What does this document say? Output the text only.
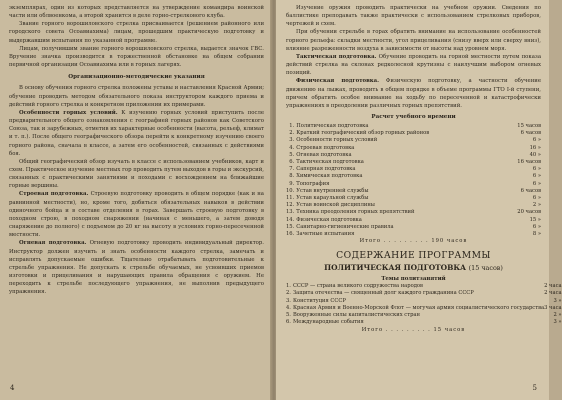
экземплярах, один из которых представляется на утверждение командира воинской части или облвоенкома, а второй хранится в деле горно-стрелкового клуба.

Звание горного ворошиловского стрелка присваивается (решением районного или городского совета Осоавиахима) лицам, прошедшим практическую подготовку и выдержавшим испытания по указанной программе.

Лицам, получившим звание горного ворошиловского стрелка, выдается значок ГВС. Вручение значка производится в торжественной обстановке на общем собрании первичной организации Осоавиахима или в горных лагерях.

Организационно-методические указания

В основу обучения горного стрелка положены уставы и наставления Красной Армии; обучение проводить методом обязательного показа инструктором каждого приема и действий горного стрелка и конкретном приложении их примерами.

Особенности горных условий. К изучению горных условий приступить после предварительного общего ознакомления с географией горных районов как Советского Союза, так и зарубежных, отметив их характерные особенности (высота, рельеф, климат и т. п.). После общего географического обзора перейти к конкретному изучению своего горного района, сначала в классе, а затем его особенностей, связанных с действиями боя.

Общий географический обзор изучать в классе с использованием учебников, карт и схем. Практическое изучение местных гор проводить путем выходов в горы и экскурсий, связанных с практическими занятиями и походами с восхождением на ближайшие горные вершины.

Строевая подготовка. Строевую подготовку проводить в общем порядке (как и на равнинной местности), но, кроме того, добиться обязательных навыков в действии одиночного бойца и в составе отделения в горах. Завершать строевую подготовку в походном строю, в походном снаряжении (начиная с меньшего, а затем доводя снаряжение до полного) с подъемом до 20 кг на высоту в условиях горно-пересеченной местности.

Огневая подготовка. Огневую подготовку проводить индивидуальный директор. Инструктор должен изучить и знать особенности каждого стрелка, замечать и исправлять допускаемые ошибки. Тщательно отрабатывать подготовительные к стрельбе упражнения. Не допускать к стрельбе обучаемых, не усвоивших приемов изготовки и прицеливания и нарушающих правила обращения с оружием. Не переходить к стрельбе последующего упражнения, не выполнив предыдущего упражнения.

4

Изучение оружия проводить практически на учебном оружии. Сведения по баллистике преподавать также практически с использованием стрелковых приборов, чертежей и схем.

При обучении стрельбе в горах обратить внимание на использование особенностей горного рельефа: складки местности, угол прицеливания (снизу вверх или сверху вниз), влияние разреженности воздуха в зависимости от высоты над уровнем моря.

Тактическая подготовка. Обучение проводить на горной местности путем показа действий стрелка на склонах редколесной крутизны с наилучшим выбором огневых позиций.

Физическая подготовка. Физическую подготовку, а частности обучение движению на лыжах, проводить в общем порядке в объеме программы ГТО I-й ступени, причем обратить особое внимание на ходьбу по пересеченной и катастрофически упражнениях в преодолении различных горных препятствий.

Расчет учебного времени
1.	Политическая подготовка	15 часов
2.	Краткий географический обзор горных районов	6 часов
3.	Особенности горных условий	6 »
4.	Строевая подготовка	16 »
5.	Огневая подготовка	40 »
6.	Тактическая подготовка	16 часов
7.	Саперная подготовка	6 »
8.	Химическая подготовка	6 »
9.	Топография	6 »
10.	Устав внутренней службы	6 часов
11.	Устав караульной службы	6 »
12.	Устав воинской дисциплины	2 »
13.	Техника преодоления горных препятствий	20 часов
14.	Физическая подготовка	15 »
15.	Санитарно-гигиенические правила	6 »
16.	Зачетные испытания	8 »
Итого . . . . . . . . . 190 часов
СОДЕРЖАНИЕ ПРОГРАММЫ
ПОЛИТИЧЕСКАЯ ПОДГОТОВКА (15 часов)
Темы политзанятий
1.	СССР — страна великого содружества народов	2 часа
2.	Защита отечества — священный долг каждого гражданина СССР	2 часа
3.	Конституция СССР	3 »
4.	Красная Армия и Военно-Морской Флот — могучая армия социалистического государства	3 часа
5.	Вооруженные силы капиталистических стран	2 »
6.	Международные события	3 »
Итого . . . . . . . . . 15 часов
5
